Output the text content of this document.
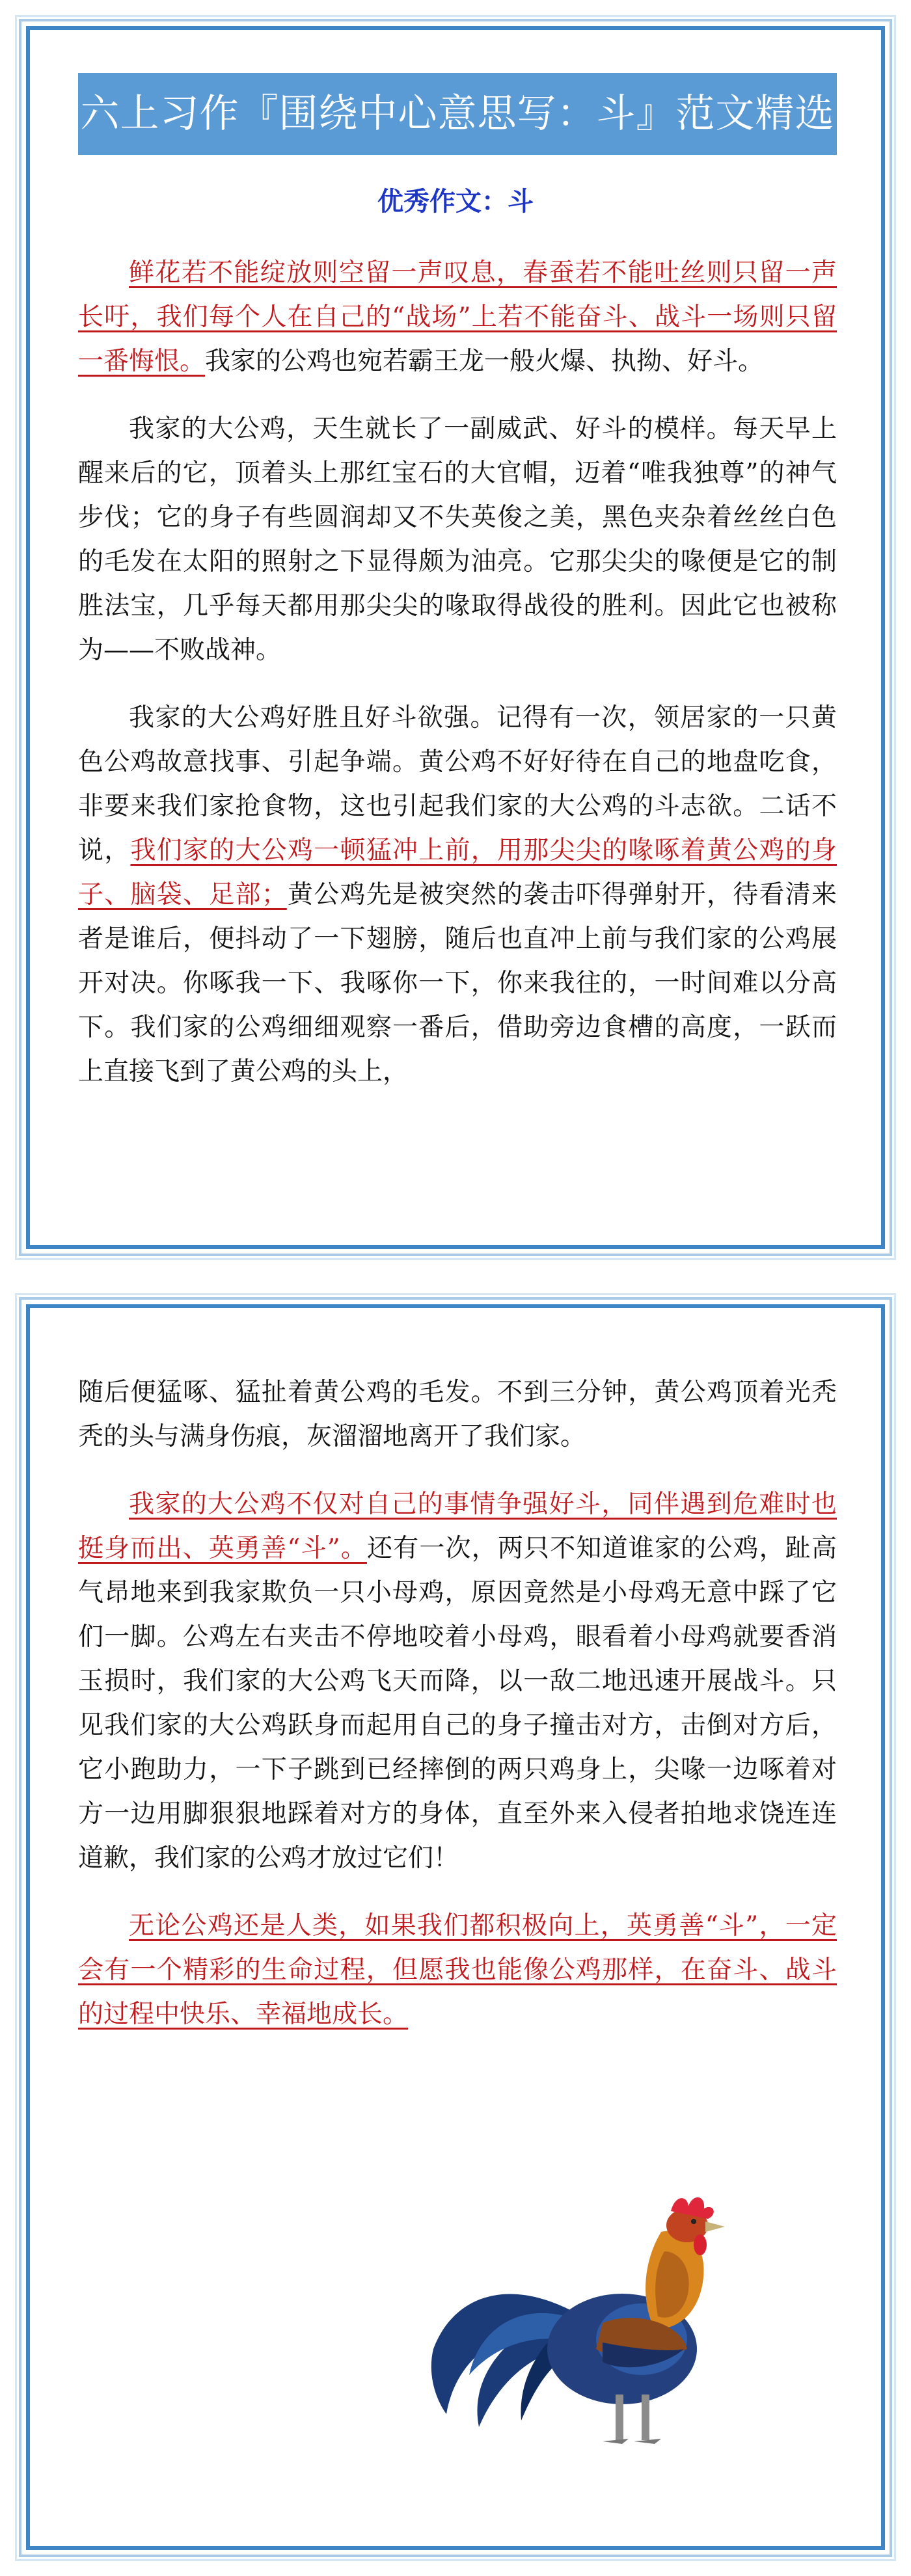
六上习作『围绕中心意思写：斗』范文精选
优秀作文：斗

鲜花若不能绽放则空留一声叹息，春蚕若不能吐丝则只留一声长吁，我们每个人在自己的“战场”上若不能奋斗、战斗一场则只留一番悔恨。我家的公鸡也宛若霸王龙一般火爆、执拗、好斗。

我家的大公鸡，天生就长了一副威武、好斗的模样。每天早上醒来后的它，顶着头上那红宝石的大官帽，迈着“唯我独尊”的神气步伐；它的身子有些圆润却又不失英俊之美，黑色夹杂着丝丝白色的毛发在太阳的照射之下显得颇为油亮。它那尖尖的喙便是它的制胜法宝，几乎每天都用那尖尖的喙取得战役的胜利。因此它也被称为——不败战神。

我家的大公鸡好胜且好斗欲强。记得有一次，领居家的一只黄色公鸡故意找事、引起争端。黄公鸡不好好待在自己的地盘吃食，非要来我们家抢食物，这也引起我们家的大公鸡的斗志欲。二话不说，我们家的大公鸡一顿猛冲上前，用那尖尖的喙啄着黄公鸡的身子、脑袋、足部；黄公鸡先是被突然的袭击吓得弹射开，待看清来者是谁后，便抖动了一下翅膀，随后也直冲上前与我们家的公鸡展开对决。你啄我一下、我啄你一下，你来我往的，一时间难以分高下。我们家的公鸡细细观察一番后，借助旁边食槽的高度，一跃而上直接飞到了黄公鸡的头上，

随后便猛啄、猛扯着黄公鸡的毛发。不到三分钟，黄公鸡顶着光秃秃的头与满身伤痕，灰溜溜地离开了我们家。

我家的大公鸡不仅对自己的事情争强好斗，同伴遇到危难时也挺身而出、英勇善“斗”。还有一次，两只不知道谁家的公鸡，趾高气昂地来到我家欺负一只小母鸡，原因竟然是小母鸡无意中踩了它们一脚。公鸡左右夹击不停地咬着小母鸡，眼看着小母鸡就要香消玉损时，我们家的大公鸡飞天而降，以一敌二地迅速开展战斗。只见我们家的大公鸡跃身而起用自己的身子撞击对方，击倒对方后，它小跑助力，一下子跳到已经摔倒的两只鸡身上，尖喙一边啄着对方一边用脚狠狠地踩着对方的身体，直至外来入侵者拍地求饶连连道歉，我们家的公鸡才放过它们！

无论公鸡还是人类，如果我们都积极向上，英勇善“斗”，一定会有一个精彩的生命过程，但愿我也能像公鸡那样，在奋斗、战斗的过程中快乐、幸福地成长。
